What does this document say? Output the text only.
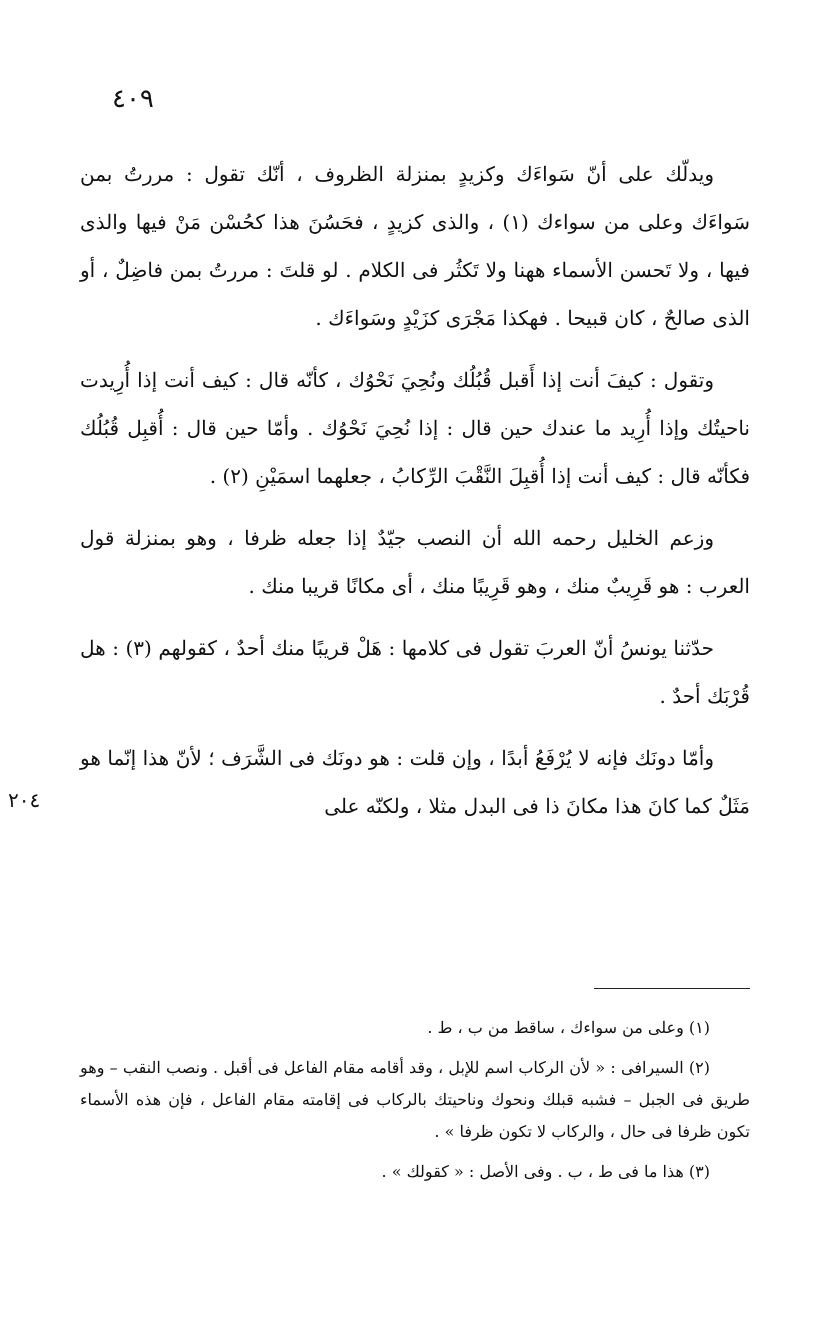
٤٠٩
٢٠٤

ويدلّك على أنّ سَواءَك وكزيدٍ بمنزلة الظروف ، أنّك تقول : مررتُ بمن سَواءَك وعلى من سواءك (١) ، والذى كزيدٍ ، فحَسُنَ هذا كحُسْن مَنْ فيها والذى فيها ، ولا تَحسن الأسماء ههنا ولا تَكثُر فى الكلام . لو قلتَ : مررتُ بمن فاضِلٌ ، أو الذى صالحٌ ، كان قبيحا . فهكذا مَجْرَى كزَيْدٍ وسَواءَك .

وتقول : كيفَ أنت إذا أَقبل قُبُلُك ونُحِيَ نَحْوُك ، كأنّه قال : كيف أنت إذا أُرِيدت ناحيتُك وإذا أُرِيد ما عندك حين قال : إذا نُحِيَ نَحْوُك . وأمّا حين قال : أُقبِل قُبُلُك فكأنّه قال : كيف أنت إذا أُقبِلَ النَّقْبَ الرِّكابُ ، جعلهما اسمَيْنِ (٢) .

وزعم الخليل رحمه الله أن النصب جيّدٌ إذا جعله ظرفا ، وهو بمنزلة قول العرب : هو قَرِيبٌ منك ، وهو قَرِيبًا منك ، أى مكانًا قريبا منك .

حدّثنا يونسُ أنّ العربَ تقول فى كلامها : هَلْ قريبًا منك أحدٌ ، كقولهم (٣) : هل قُرْبَك أحدٌ .

وأمّا دونَك فإنه لا يُرْفَعُ أبدًا ، وإن قلت : هو دونَك فى الشَّرَف ؛ لأنّ هذا إنّما هو مَثَلٌ كما كانَ هذا مكانَ ذا فى البدل مثلا ، ولكنّه على

(١) وعلى من سواءك ، ساقط من ب ، ط .

(٢) السيرافى : « لأن الركاب اسم للإبل ، وقد أقامه مقام الفاعل فى أقبل . ونصب النقب – وهو طريق فى الجبل – فشبه قبلك ونحوك وناحيتك بالركاب فى إقامته مقام الفاعل ، فإن هذه الأسماء تكون ظرفا فى حال ، والركاب لا تكون ظرفا » .

(٣) هذا ما فى ط ، ب . وفى الأصل : « كقولك » .
